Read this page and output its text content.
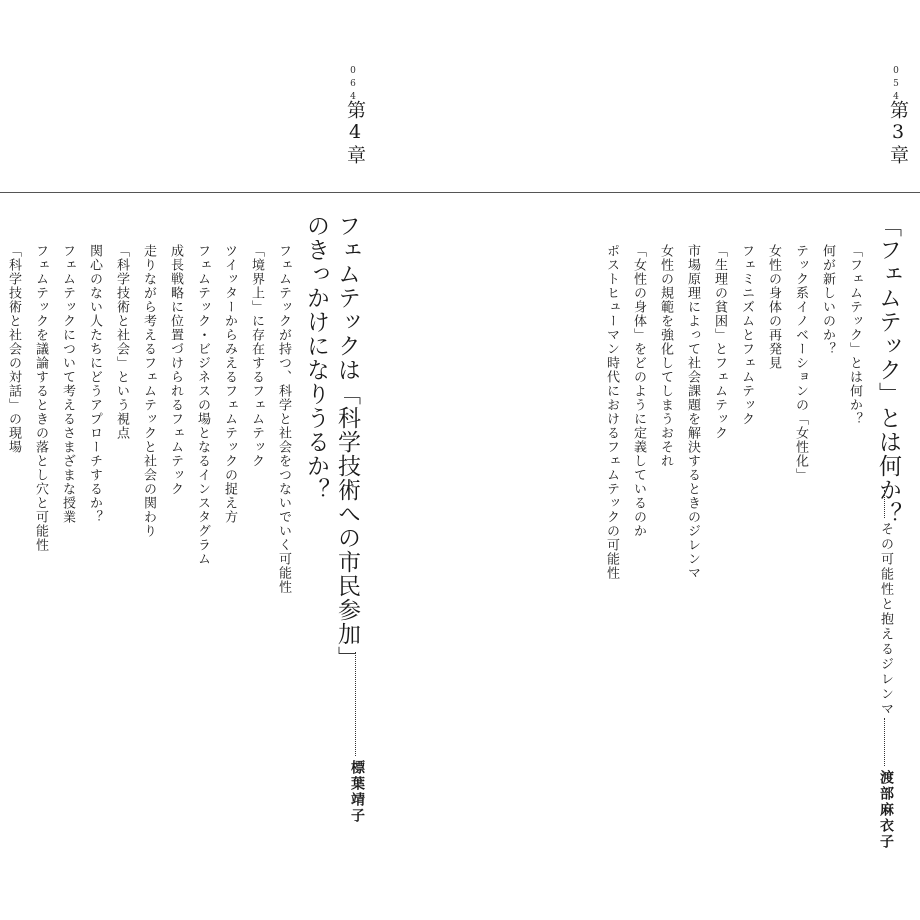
054
第3章
「フェムテック」とは何か？
その可能性と抱えるジレンマ
渡部麻衣子
「フェムテック」とは何か？
何が新しいのか？
テック系イノベーションの「女性化」
女性の身体の再発見
フェミニズムとフェムテック
「生理の貧困」とフェムテック
市場原理によって社会課題を解決するときのジレンマ
女性の規範を強化してしまうおそれ
「女性の身体」をどのように定義しているのか
ポストヒューマン時代におけるフェムテックの可能性
064
第4章
フェムテックは「科学技術への市民参加」
のきっかけになりうるか？
標葉靖子
フェムテックが持つ、科学と社会をつないでいく可能性
「境界上」に存在するフェムテック
ツイッターからみえるフェムテックの捉え方
フェムテック・ビジネスの場となるインスタグラム
成長戦略に位置づけられるフェムテック
走りながら考えるフェムテックと社会の関わり
「科学技術と社会」という視点
関心のない人たちにどうアプローチするか？
フェムテックについて考えるさまざまな授業
フェムテックを議論するときの落とし穴と可能性
「科学技術と社会の対話」の現場
